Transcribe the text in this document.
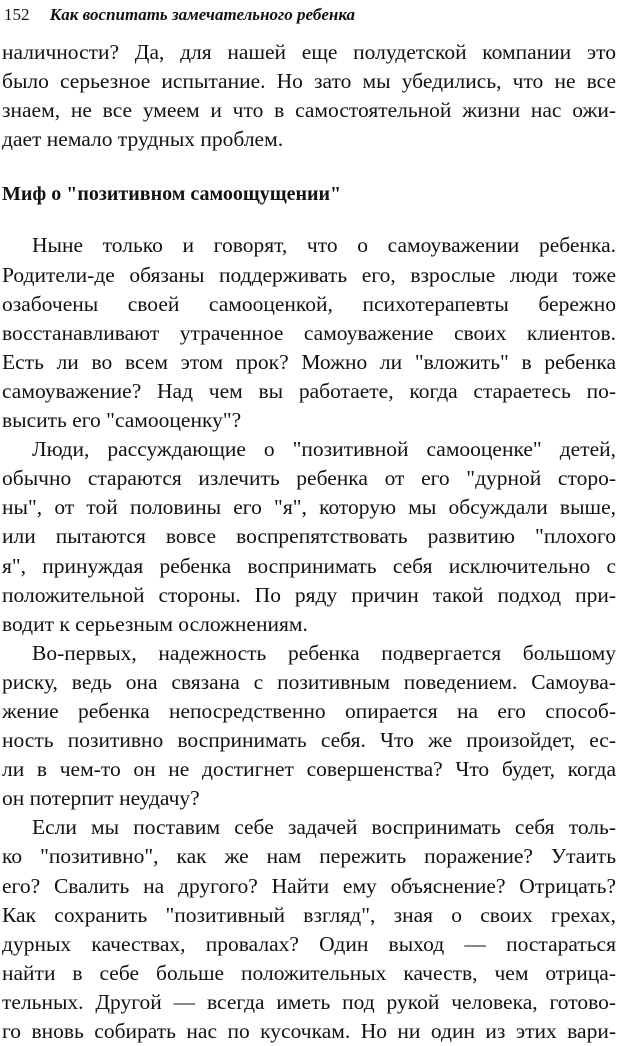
152 Как воспитать замечательного ребенка
наличности? Да, для нашей еще полудетской компании это
было серьезное испытание. Но зато мы убедились, что не все
знаем, не все умеем и что в самостоятельной жизни нас ожи-
дает немало трудных проблем.
Миф о "позитивном самоощущении"
Ныне только и говорят, что о самоуважении ребенка.
Родители-де обязаны поддерживать его, взрослые люди тоже
озабочены своей самооценкой, психотерапевты бережно
восстанавливают утраченное самоуважение своих клиентов.
Есть ли во всем этом прок? Можно ли "вложить" в ребенка
самоуважение? Над чем вы работаете, когда стараетесь по-
высить его "самооценку"?
Люди, рассуждающие о "позитивной самооценке" детей,
обычно стараются излечить ребенка от его "дурной сторо-
ны", от той половины его "я", которую мы обсуждали выше,
или пытаются вовсе воспрепятствовать развитию "плохого
я", принуждая ребенка воспринимать себя исключительно с
положительной стороны. По ряду причин такой подход при-
водит к серьезным осложнениям.
Во-первых, надежность ребенка подвергается большому
риску, ведь она связана с позитивным поведением. Самоува-
жение ребенка непосредственно опирается на его способ-
ность позитивно воспринимать себя. Что же произойдет, ес-
ли в чем-то он не достигнет совершенства? Что будет, когда
он потерпит неудачу?
Если мы поставим себе задачей воспринимать себя толь-
ко "позитивно", как же нам пережить поражение? Утаить
его? Свалить на другого? Найти ему объяснение? Отрицать?
Как сохранить "позитивный взгляд", зная о своих грехах,
дурных качествах, провалах? Один выход — постараться
найти в себе больше положительных качеств, чем отрица-
тельных. Другой — всегда иметь под рукой человека, готово-
го вновь собирать нас по кусочкам. Но ни один из этих вари-
